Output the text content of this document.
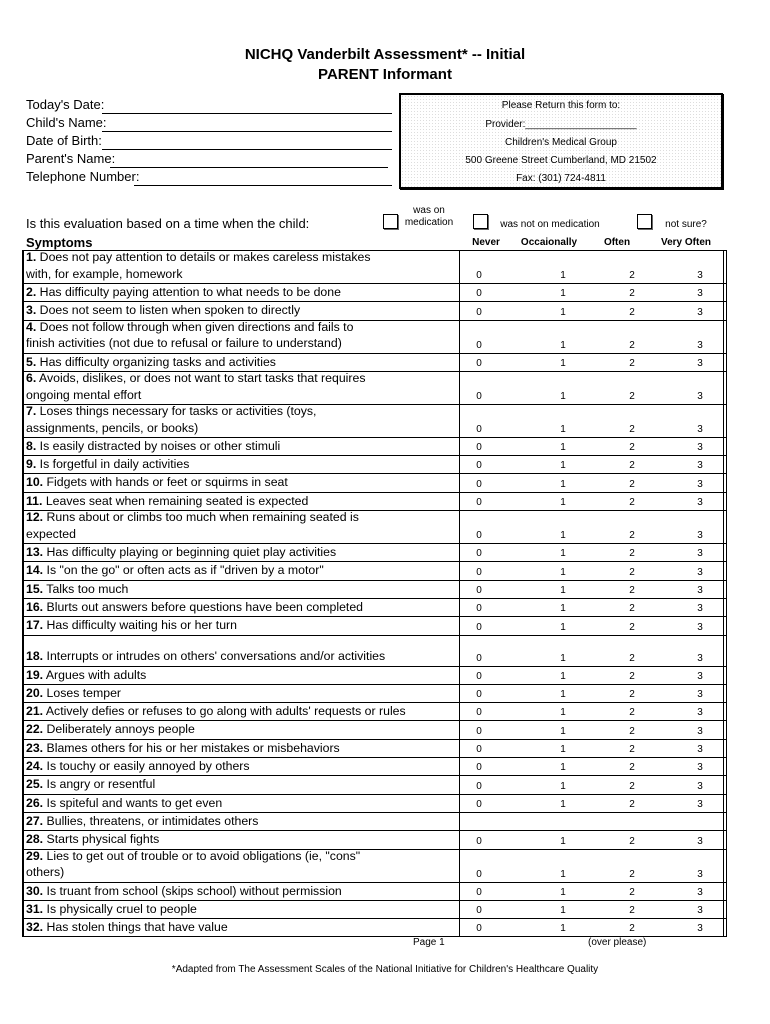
NICHQ Vanderbilt Assessment* -- Initial
PARENT Informant
Today's Date:
Child's Name:
Date of Birth:
Parent's Name:
Telephone Number:
Please Return this form to:
Provider:____________________
Children's Medical Group
500 Greene Street Cumberland, MD 21502
Fax: (301) 724-4811
Is this evaluation based on a time when the child:
was on
medication	was not on medication	not sure?
Symptoms	Never	Occaionally	Often	Very Often
1. Does not pay attention to details or makes careless mistakes
with, for example, homework	0	1	2	3
2. Has difficulty paying attention to what needs to be done	0	1	2	3
3. Does not seem to listen when spoken to directly	0	1	2	3
4. Does not follow through when given directions and fails to
finish activities (not due to refusal or failure to understand)	0	1	2	3
5. Has difficulty organizing tasks and activities	0	1	2	3
6. Avoids, dislikes, or does not want to start tasks that requires
ongoing mental effort	0	1	2	3
7. Loses things necessary for tasks or activities (toys,
assignments, pencils, or books)	0	1	2	3
8. Is easily distracted by noises or other stimuli	0	1	2	3
9. Is forgetful in daily activities	0	1	2	3
10. Fidgets with hands or feet or squirms in seat	0	1	2	3
11. Leaves seat when remaining seated is expected	0	1	2	3
12. Runs about or climbs too much when remaining seated is
expected	0	1	2	3
13. Has difficulty playing or beginning quiet play activities	0	1	2	3
14. Is "on the go" or often acts as if "driven by a motor"	0	1	2	3
15. Talks too much	0	1	2	3
16. Blurts out answers before questions have been completed	0	1	2	3
17. Has difficulty waiting his or her turn	0	1	2	3
18. Interrupts or intrudes on others' conversations and/or activities	0	1	2	3
19. Argues with adults	0	1	2	3
20. Loses temper	0	1	2	3
21. Actively defies or refuses to go along with adults' requests or rules	0	1	2	3
22. Deliberately annoys people	0	1	2	3
23. Blames others for his or her mistakes or misbehaviors	0	1	2	3
24. Is touchy or easily annoyed by others	0	1	2	3
25. Is angry or resentful	0	1	2	3
26. Is spiteful and wants to get even	0	1	2	3
27. Bullies, threatens, or intimidates others
28. Starts physical fights	0	1	2	3
29. Lies to get out of trouble or to avoid obligations (ie, "cons"
others)	0	1	2	3
30. Is truant from school (skips school) without permission	0	1	2	3
31. Is physically cruel to people	0	1	2	3
32. Has stolen things that have value	0	1	2	3
Page 1	(over please)
*Adapted from The Assessment Scales of the National Initiative for Children's Healthcare Quality
